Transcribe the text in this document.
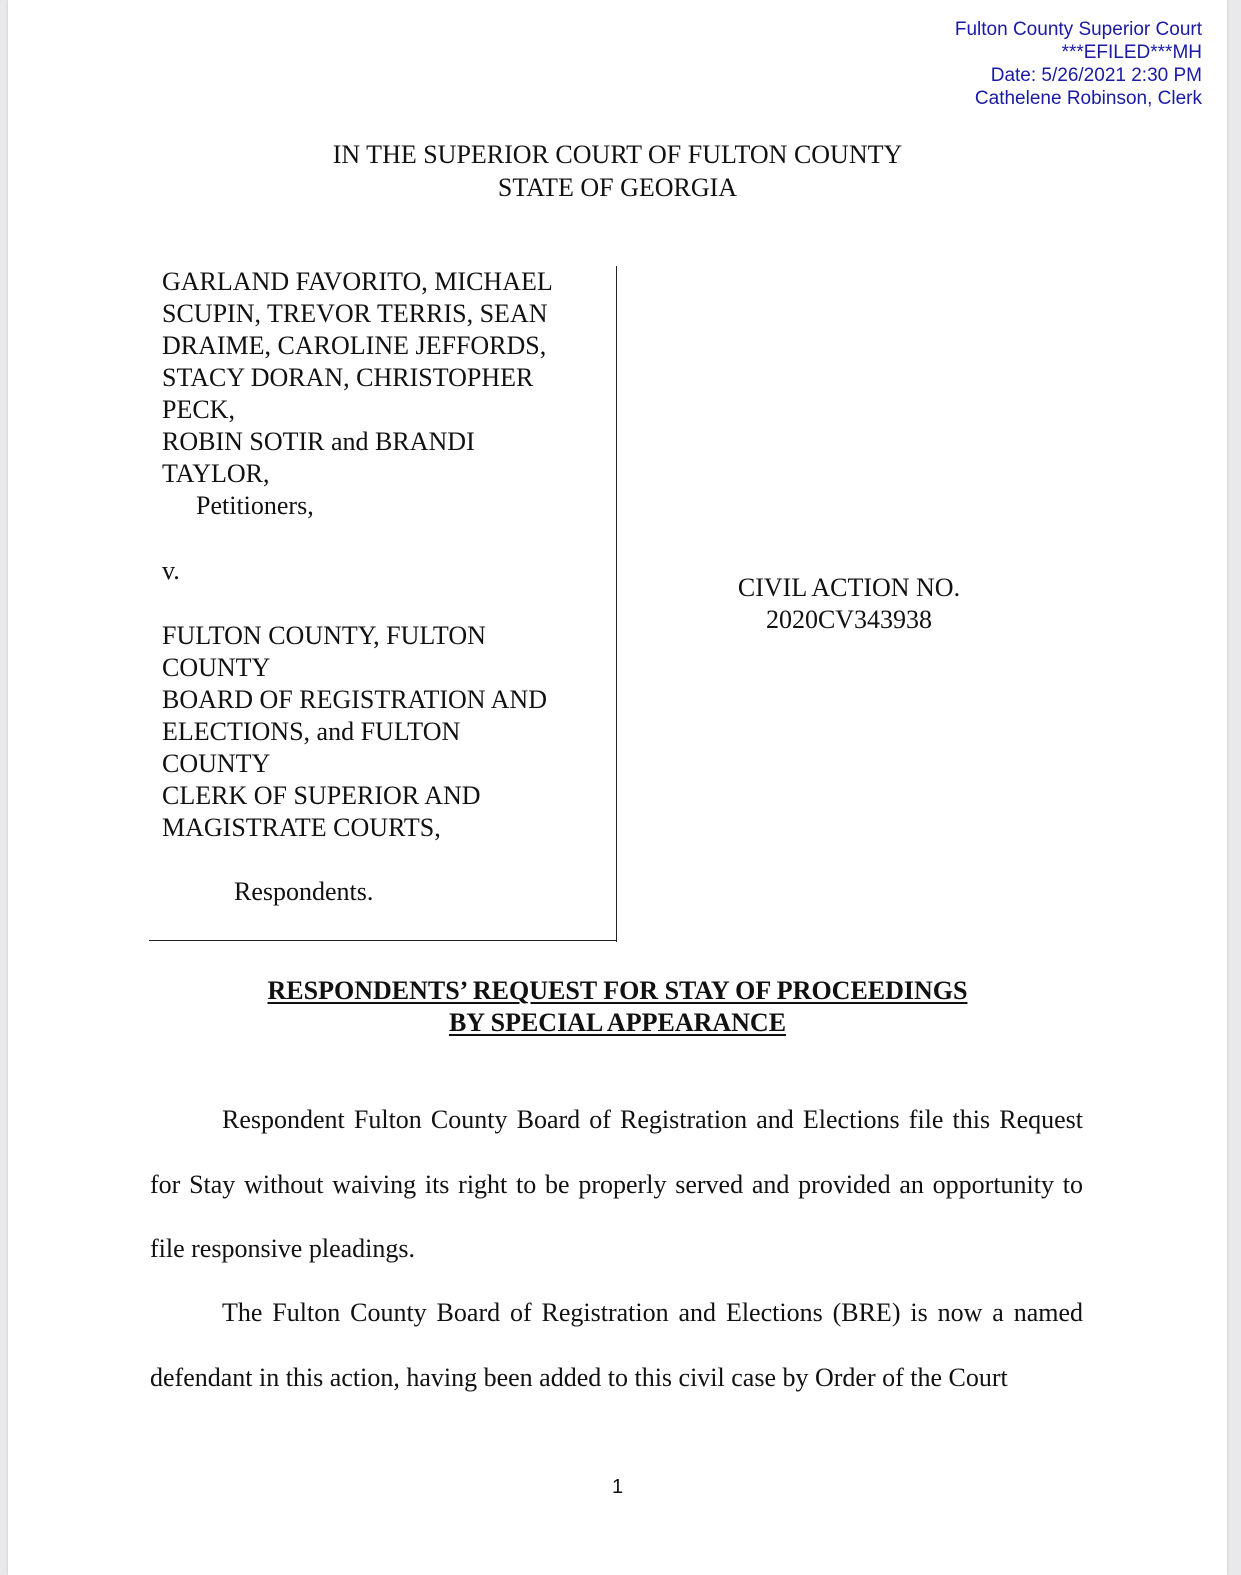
Fulton County Superior Court
***EFILED***MH
Date: 5/26/2021 2:30 PM
Cathelene Robinson, Clerk
IN THE SUPERIOR COURT OF FULTON COUNTY
STATE OF GEORGIA
GARLAND FAVORITO, MICHAEL
SCUPIN, TREVOR TERRIS, SEAN
DRAIME, CAROLINE JEFFORDS,
STACY DORAN, CHRISTOPHER
PECK,
ROBIN SOTIR and BRANDI
TAYLOR,
Petitioners,
v.
FULTON COUNTY, FULTON
COUNTY
BOARD OF REGISTRATION AND
ELECTIONS, and FULTON
COUNTY
CLERK OF SUPERIOR AND
MAGISTRATE COURTS,
Respondents.
CIVIL ACTION NO.
2020CV343938
RESPONDENTS’ REQUEST FOR STAY OF PROCEEDINGS
BY SPECIAL APPEARANCE
Respondent Fulton County Board of Registration and Elections file this Request for Stay without waiving its right to be properly served and provided an opportunity to file responsive pleadings.
The Fulton County Board of Registration and Elections (BRE) is now a named defendant in this action, having been added to this civil case by Order of the Court
1
